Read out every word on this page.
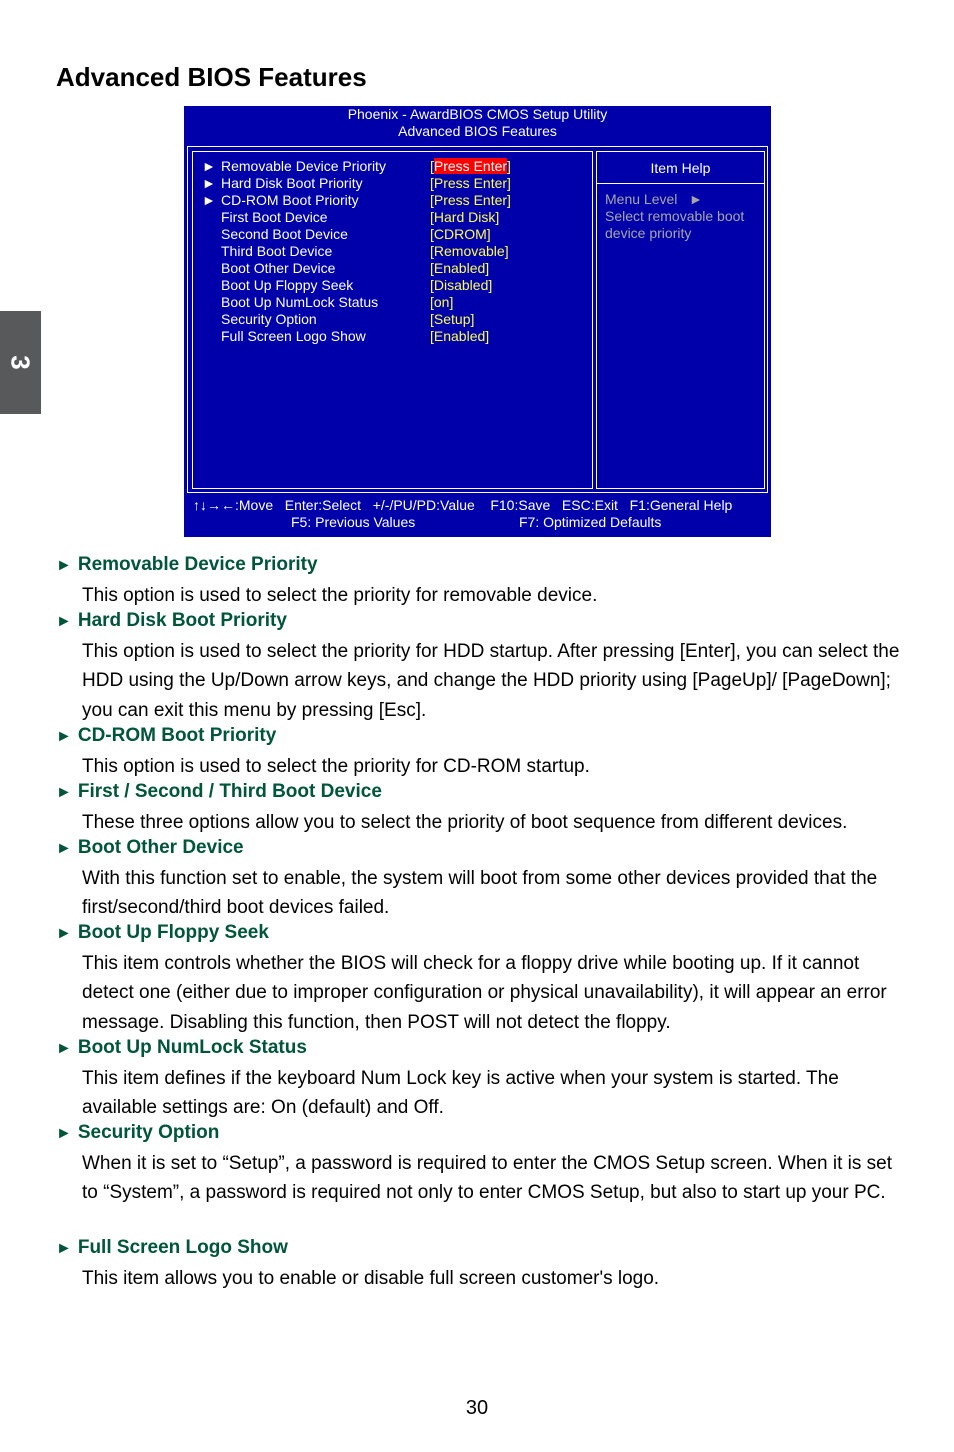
3
Advanced BIOS Features
Phoenix - AwardBIOS CMOS Setup Utility
Advanced BIOS Features
► Removable Device Priority	[Press Enter]
► Hard Disk Boot Priority	[Press Enter]
► CD-ROM Boot Priority	[Press Enter]
First Boot Device	[Hard Disk]
Second Boot Device	[CDROM]
Third Boot Device	[Removable]
Boot Other Device	[Enabled]
Boot Up Floppy Seek	[Disabled]
Boot Up NumLock Status	[on]
Security Option	[Setup]
Full Screen Logo Show	[Enabled]
Item Help
Menu Level   ►
Select removable boot
device priority
↑↓→←:Move   Enter:Select   +/-/PU/PD:Value    F10:Save   ESC:Exit   F1:General Help
F5: Previous Values	F7: Optimized Defaults
► Removable Device Priority

This option is used to select the priority for removable device.

► Hard Disk Boot Priority

This option is used to select the priority for HDD startup. After pressing [Enter], you can select the HDD using the Up/Down arrow keys, and change the HDD priority using [PageUp]/ [PageDown]; you can exit this menu by pressing [Esc].

► CD-ROM Boot Priority

This option is used to select the priority for CD-ROM startup.

► First / Second / Third Boot Device

These three options allow you to select the priority of boot sequence from different devices.

► Boot Other Device

With this function set to enable, the system will boot from some other devices provided that the first/second/third boot devices failed.

► Boot Up Floppy Seek

This item controls whether the BIOS will check for a floppy drive while booting up. If it cannot detect one (either due to improper configuration or physical unavailability), it will appear an error message. Disabling this function, then POST will not detect the floppy.

► Boot Up NumLock Status

This item defines if the keyboard Num Lock key is active when your system is started. The available settings are: On (default) and Off.

► Security Option

When it is set to “Setup”, a password is required to enter the CMOS Setup screen. When it is set to “System”, a password is required not only to enter CMOS Setup, but also to start up your PC.

► Full Screen Logo Show

This item allows you to enable or disable full screen customer's logo.

30
